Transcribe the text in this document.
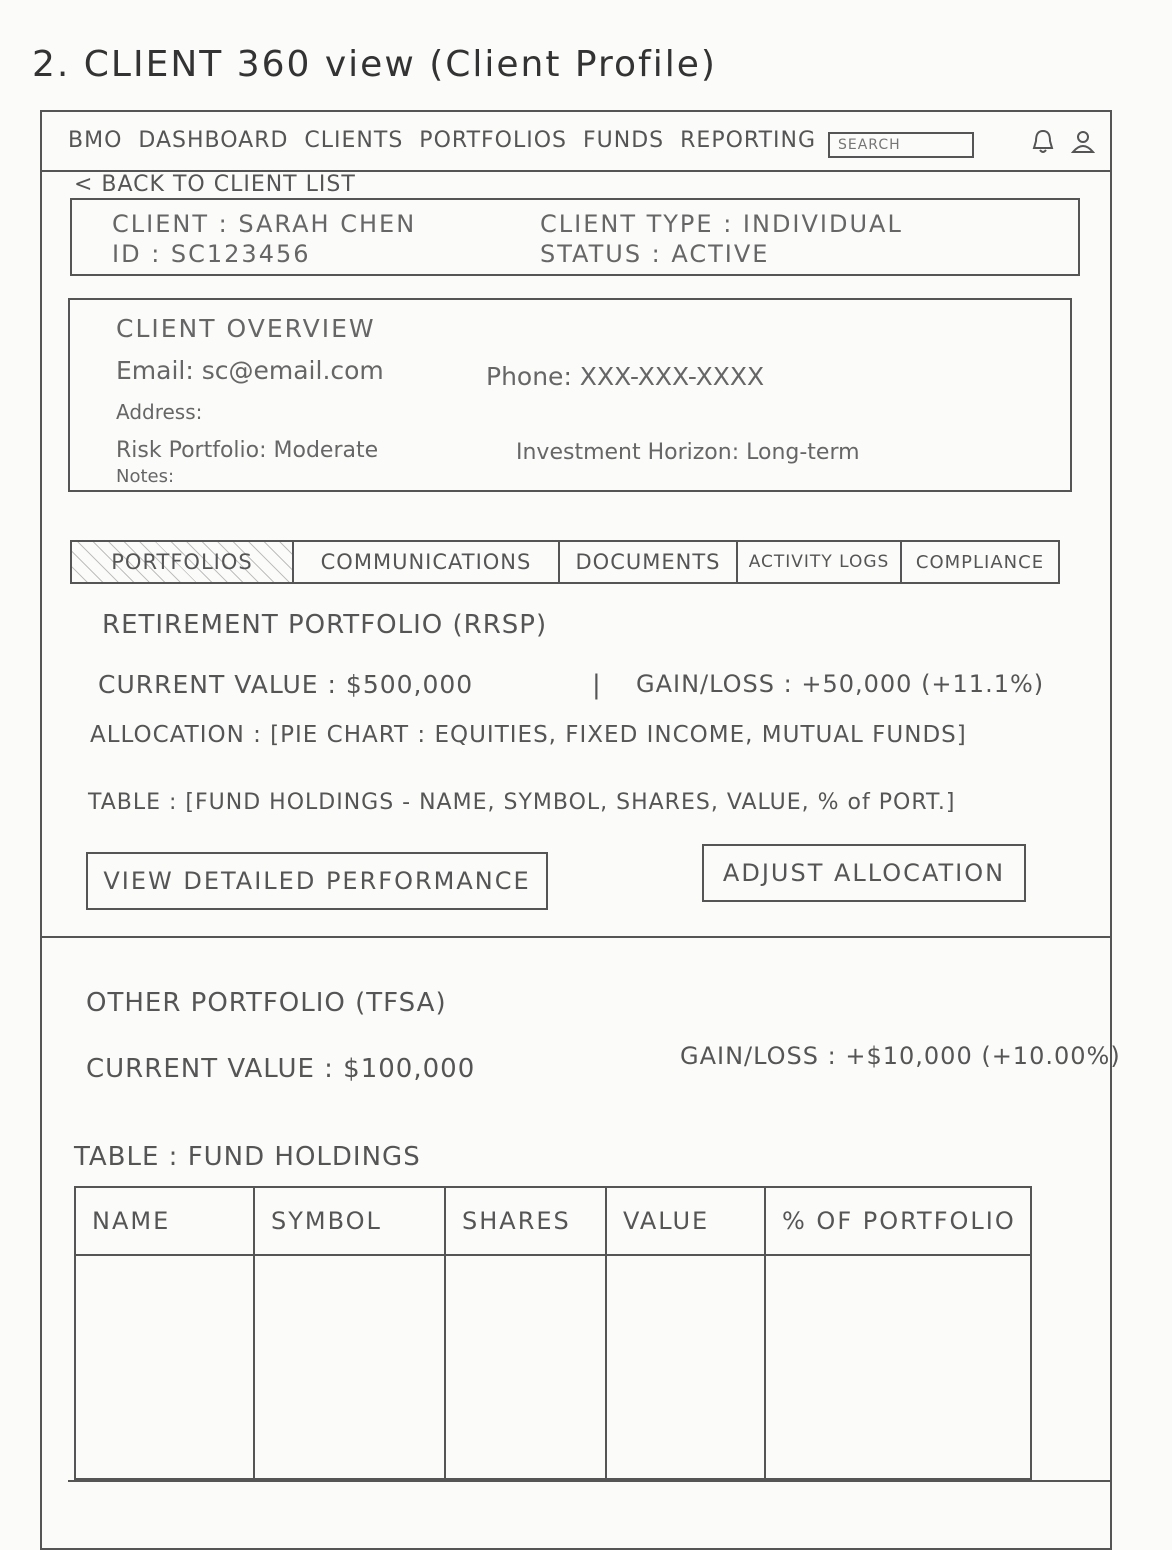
2. CLIENT 360 view (Client Profile)
BMO DASHBOARD CLIENTS PORTFOLIOS FUNDS REPORTING
SEARCH
< BACK TO CLIENT LIST
CLIENT : SARAH CHEN
ID : SC123456
CLIENT TYPE : INDIVIDUAL
STATUS : ACTIVE
CLIENT OVERVIEW
Email: sc@email.com	Phone: XXX-XXX-XXXX
Address:
Risk Portfolio: Moderate	Investment Horizon: Long-term
Notes:
PORTFOLIOS	COMMUNICATIONS	DOCUMENTS	ACTIVITY LOGS	COMPLIANCE
RETIREMENT PORTFOLIO (RRSP)
CURRENT VALUE : $500,000	| GAIN/LOSS : +50,000 (+11.1%)
ALLOCATION : [PIE CHART : EQUITIES, FIXED INCOME, MUTUAL FUNDS]
TABLE : [FUND HOLDINGS - NAME, SYMBOL, SHARES, VALUE, % of PORT.]
VIEW DETAILED PERFORMANCE	ADJUST ALLOCATION
OTHER PORTFOLIO (TFSA)
CURRENT VALUE : $100,000	GAIN/LOSS : +$10,000 (+10.00%)
TABLE : FUND HOLDINGS
NAME	SYMBOL	SHARES	VALUE	% OF PORTFOLIO
